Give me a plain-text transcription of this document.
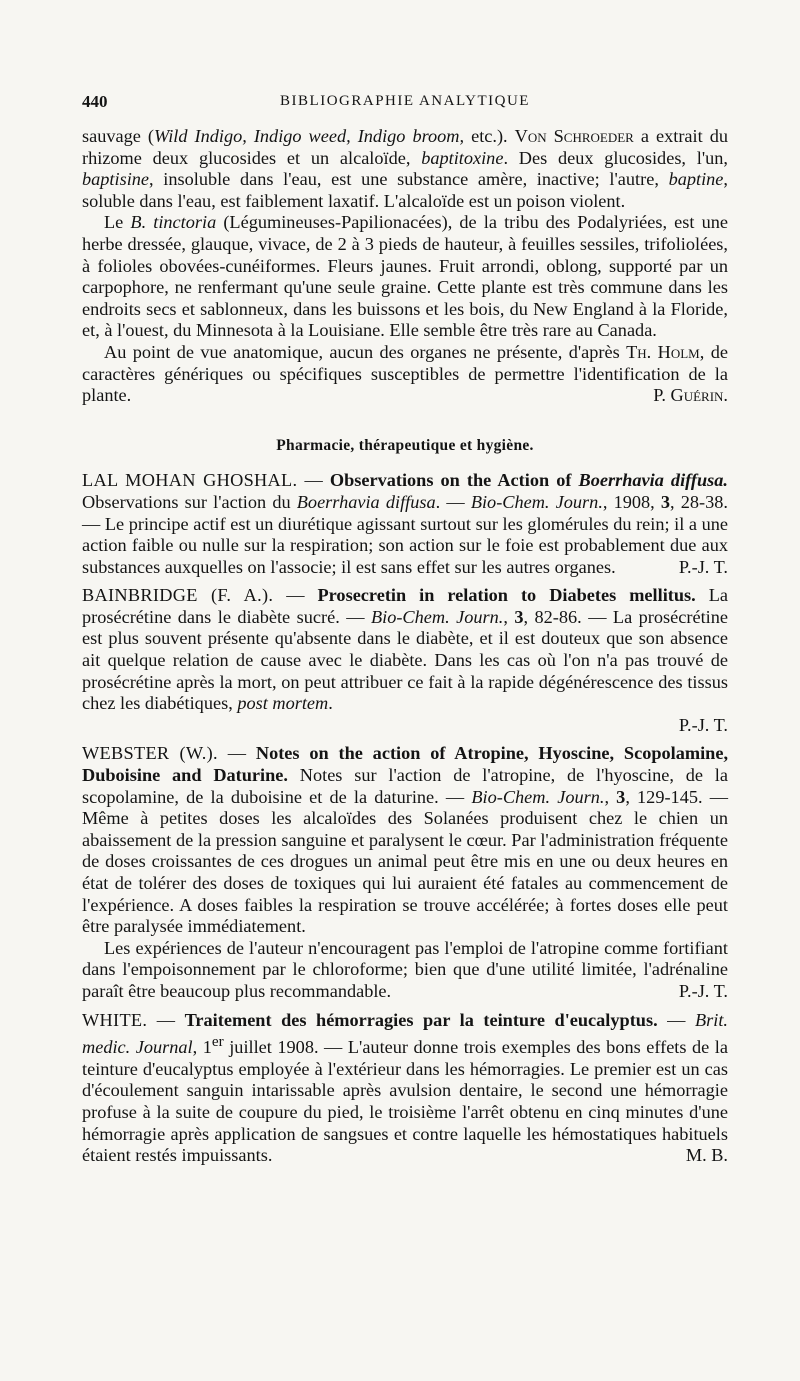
440	BIBLIOGRAPHIE ANALYTIQUE

sauvage (Wild Indigo, Indigo weed, Indigo broom, etc.). Von Schroeder a extrait du rhizome deux glucosides et un alcaloïde, baptitoxine. Des deux glucosides, l'un, baptisine, insoluble dans l'eau, est une substance amère, inactive; l'autre, baptine, soluble dans l'eau, est faiblement laxatif. L'alcaloïde est un poison violent.

Le B. tinctoria (Légumineuses-Papilionacées), de la tribu des Podalyriées, est une herbe dressée, glauque, vivace, de 2 à 3 pieds de hauteur, à feuilles sessiles, trifoliolées, à folioles obovées-cunéiformes. Fleurs jaunes. Fruit arrondi, oblong, supporté par un carpophore, ne renfermant qu'une seule graine. Cette plante est très commune dans les endroits secs et sablonneux, dans les buissons et les bois, du New England à la Floride, et, à l'ouest, du Minnesota à la Louisiane. Elle semble être très rare au Canada.

Au point de vue anatomique, aucun des organes ne présente, d'après Th. Holm, de caractères génériques ou spécifiques susceptibles de permettre l'identification de la plante.	P. Guérin.

Pharmacie, thérapeutique et hygiène.

LAL MOHAN GHOSHAL. — Observations on the Action of Boerrhavia diffusa. Observations sur l'action du Boerrhavia diffusa. — Bio-Chem. Journ., 1908, 3, 28-38. — Le principe actif est un diurétique agissant surtout sur les glomérules du rein; il a une action faible ou nulle sur la respiration; son action sur le foie est probablement due aux substances auxquelles on l'associe; il est sans effet sur les autres organes.	P.-J. T.

BAINBRIDGE (F. A.). — Prosecretin in relation to Diabetes mellitus. La prosécrétine dans le diabète sucré. — Bio-Chem. Journ., 3, 82-86. — La prosécrétine est plus souvent présente qu'absente dans le diabète, et il est douteux que son absence ait quelque relation de cause avec le diabète. Dans les cas où l'on n'a pas trouvé de prosécrétine après la mort, on peut attribuer ce fait à la rapide dégénérescence des tissus chez les diabétiques, post mortem.

P.-J. T.

WEBSTER (W.). — Notes on the action of Atropine, Hyoscine, Scopolamine, Duboisine and Daturine. Notes sur l'action de l'atropine, de l'hyoscine, de la scopolamine, de la duboisine et de la daturine. — Bio-Chem. Journ., 3, 129-145. — Même à petites doses les alcaloïdes des Solanées produisent chez le chien un abaissement de la pression sanguine et paralysent le cœur. Par l'administration fréquente de doses croissantes de ces drogues un animal peut être mis en une ou deux heures en état de tolérer des doses de toxiques qui lui auraient été fatales au commencement de l'expérience. A doses faibles la respiration se trouve accélérée; à fortes doses elle peut être paralysée immédiatement.

Les expériences de l'auteur n'encouragent pas l'emploi de l'atropine comme fortifiant dans l'empoisonnement par le chloroforme; bien que d'une utilité limitée, l'adrénaline paraît être beaucoup plus recommandable.	P.-J. T.

WHITE. — Traitement des hémorragies par la teinture d'eucalyptus. — Brit. medic. Journal, 1er juillet 1908. — L'auteur donne trois exemples des bons effets de la teinture d'eucalyptus employée à l'extérieur dans les hémorragies. Le premier est un cas d'écoulement sanguin intarissable après avulsion dentaire, le second une hémorragie profuse à la suite de coupure du pied, le troisième l'arrêt obtenu en cinq minutes d'une hémorragie après application de sangsues et contre laquelle les hémostatiques habituels étaient restés impuissants.	M. B.
